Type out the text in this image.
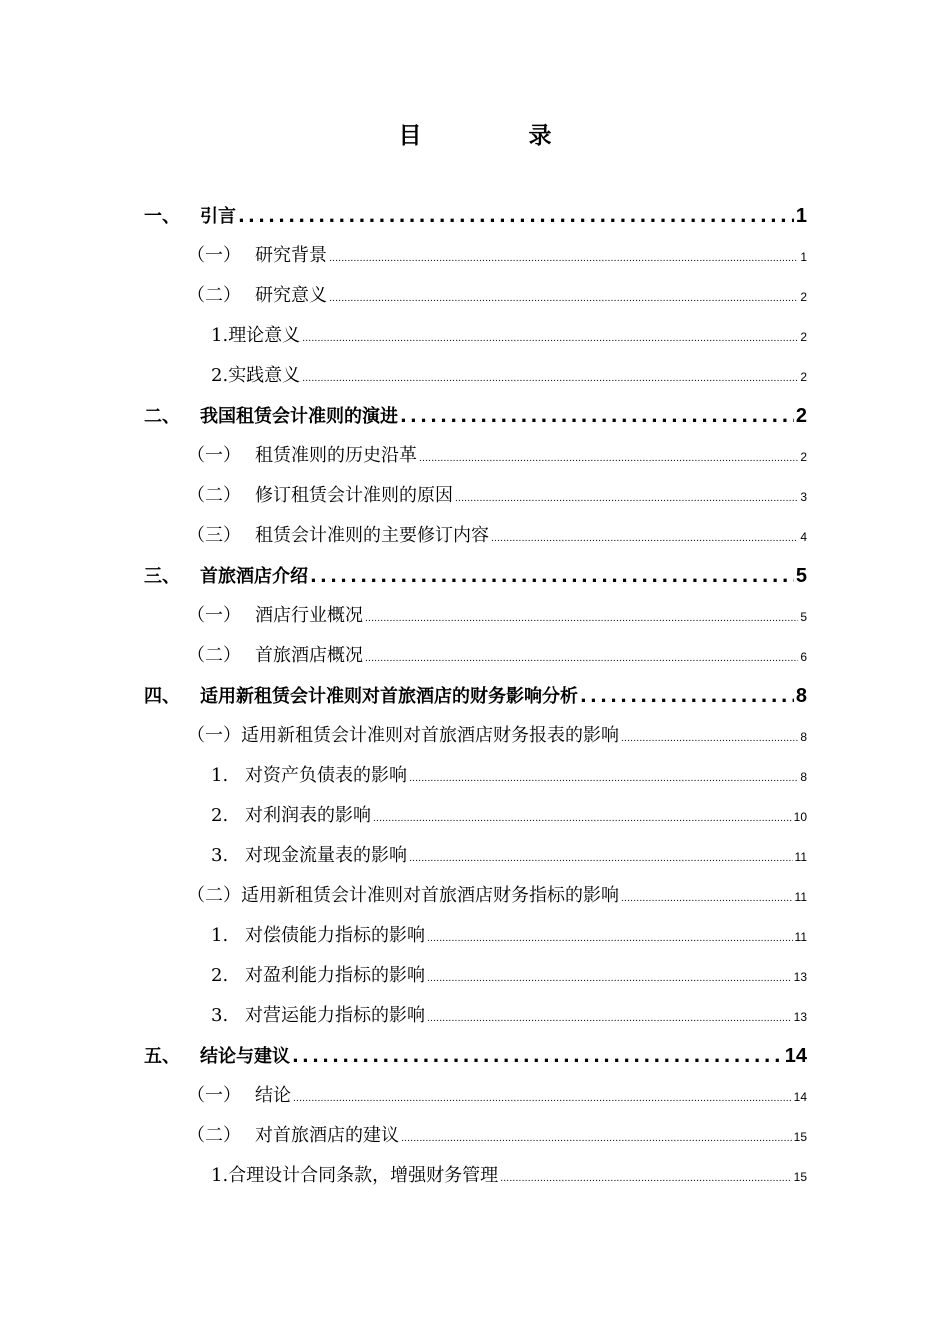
目　录
一、	引言 .....	1
（一） 研究背景 .....	1
（二） 研究意义 .....	2
1. 理论意义 .....	2
2. 实践意义 .....	2
二、	我国租赁会计准则的演进 .....	2
（一） 租赁准则的历史沿革 .....	2
（二） 修订租赁会计准则的原因 .....	3
（三） 租赁会计准则的主要修订内容 .....	4
三、	首旅酒店介绍 .....	5
（一） 酒店行业概况 .....	5
（二） 首旅酒店概况 .....	6
四、	适用新租赁会计准则对首旅酒店的财务影响分析 .....	8
（一） 适用新租赁会计准则对首旅酒店财务报表的影响 .....	8
1. 对资产负债表的影响 .....	8
2. 对利润表的影响 .....	10
3. 对现金流量表的影响 .....	11
（二） 适用新租赁会计准则对首旅酒店财务指标的影响 .....	11
1. 对偿债能力指标的影响 .....	11
2. 对盈利能力指标的影响 .....	13
3. 对营运能力指标的影响 .....	13
五、	结论与建议 .....	14
（一） 结论 .....	14
（二） 对首旅酒店的建议 .....	15
1. 合理设计合同条款，增强财务管理 .....	15
